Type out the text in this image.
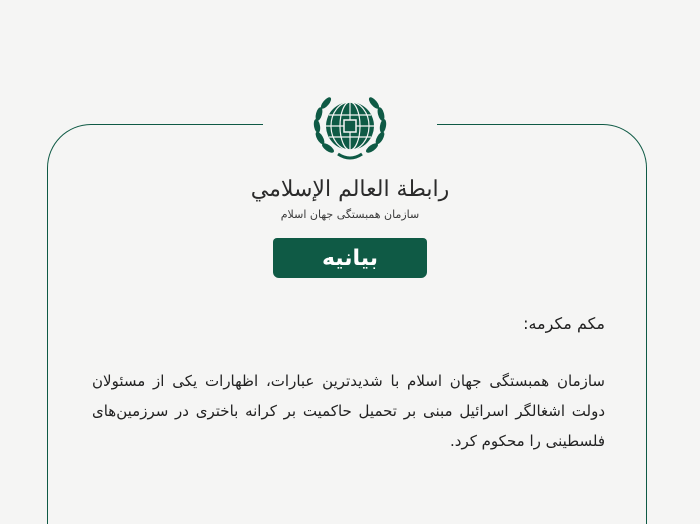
رابطة العالم الإسلامي
سازمان همبستگی جهان اسلام
بیانیه
مکم مکرمه:
سازمان همبستگی جهان اسلام با شدیدترین عبارات، اظهارات یکی از مسئولان دولت اشغالگر اسرائیل مبنی بر تحمیل حاکمیت بر کرانه باختری در سرزمین‌های فلسطینی را محکوم کرد.
